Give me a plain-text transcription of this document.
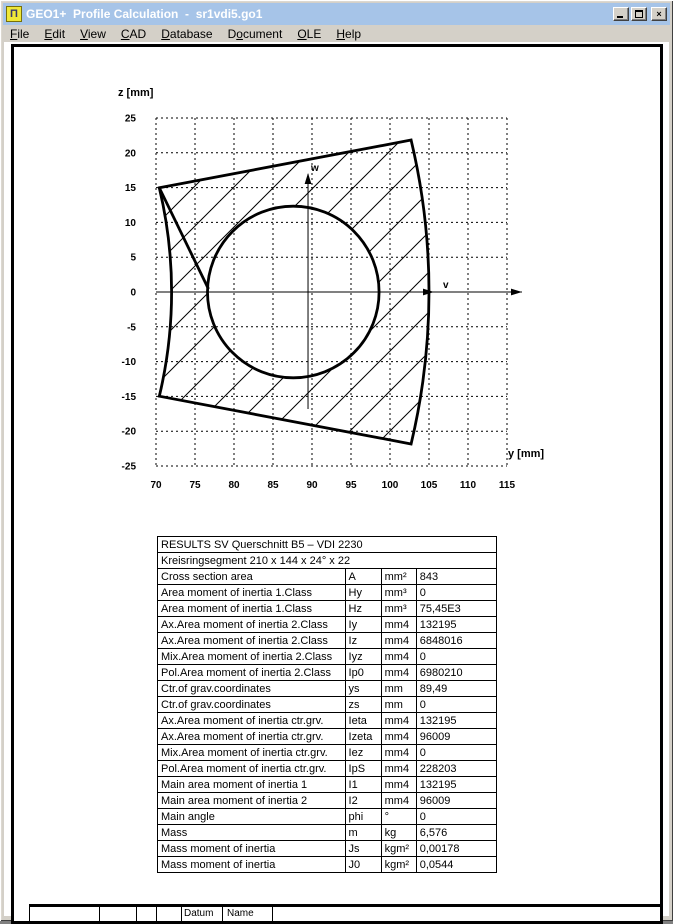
Π GEO1+  Profile Calculation  -  sr1vdi5.go1	×
File	Edit	View	CAD	Database	Document	OLE	Help
70	75	80	85	90	95	100 105 110 115
25
20
15
10
5
0
-5
-10
-15
-20
-25
z [mm]
y [mm]
v
w
RESULTS SV Querschnitt B5 – VDI 2230			
Kreisringsegment 210 x 144 x 24° x 22			
Cross section area	A	mm²	843
Area moment of inertia 1.Class	Hy	mm³	0
Area moment of inertia 1.Class	Hz	mm³	75,45E3
Ax.Area moment of inertia 2.Class	Iy	mm4	132195
Ax.Area moment of inertia 2.Class	Iz	mm4	6848016
Mix.Area moment of inertia 2.Class	Iyz	mm4	0
Pol.Area moment of inertia 2.Class	Ip0	mm4	6980210
Ctr.of grav.coordinates	ys	mm	89,49
Ctr.of grav.coordinates	zs	mm	0
Ax.Area moment of inertia ctr.grv.	Ieta	mm4	132195
Ax.Area moment of inertia ctr.grv.	Izeta	mm4	96009
Mix.Area moment of inertia ctr.grv.	Iez	mm4	0
Pol.Area moment of inertia ctr.grv.	IpS	mm4	228203
Main area moment of inertia 1	I1	mm4	132195
Main area moment of inertia 2	I2	mm4	96009
Main angle	phi	°	0
Mass	m	kg	6,576
Mass moment of inertia	Js	kgm²	0,00178
Mass moment of inertia	J0	kgm²	0,0544
Datum Name
